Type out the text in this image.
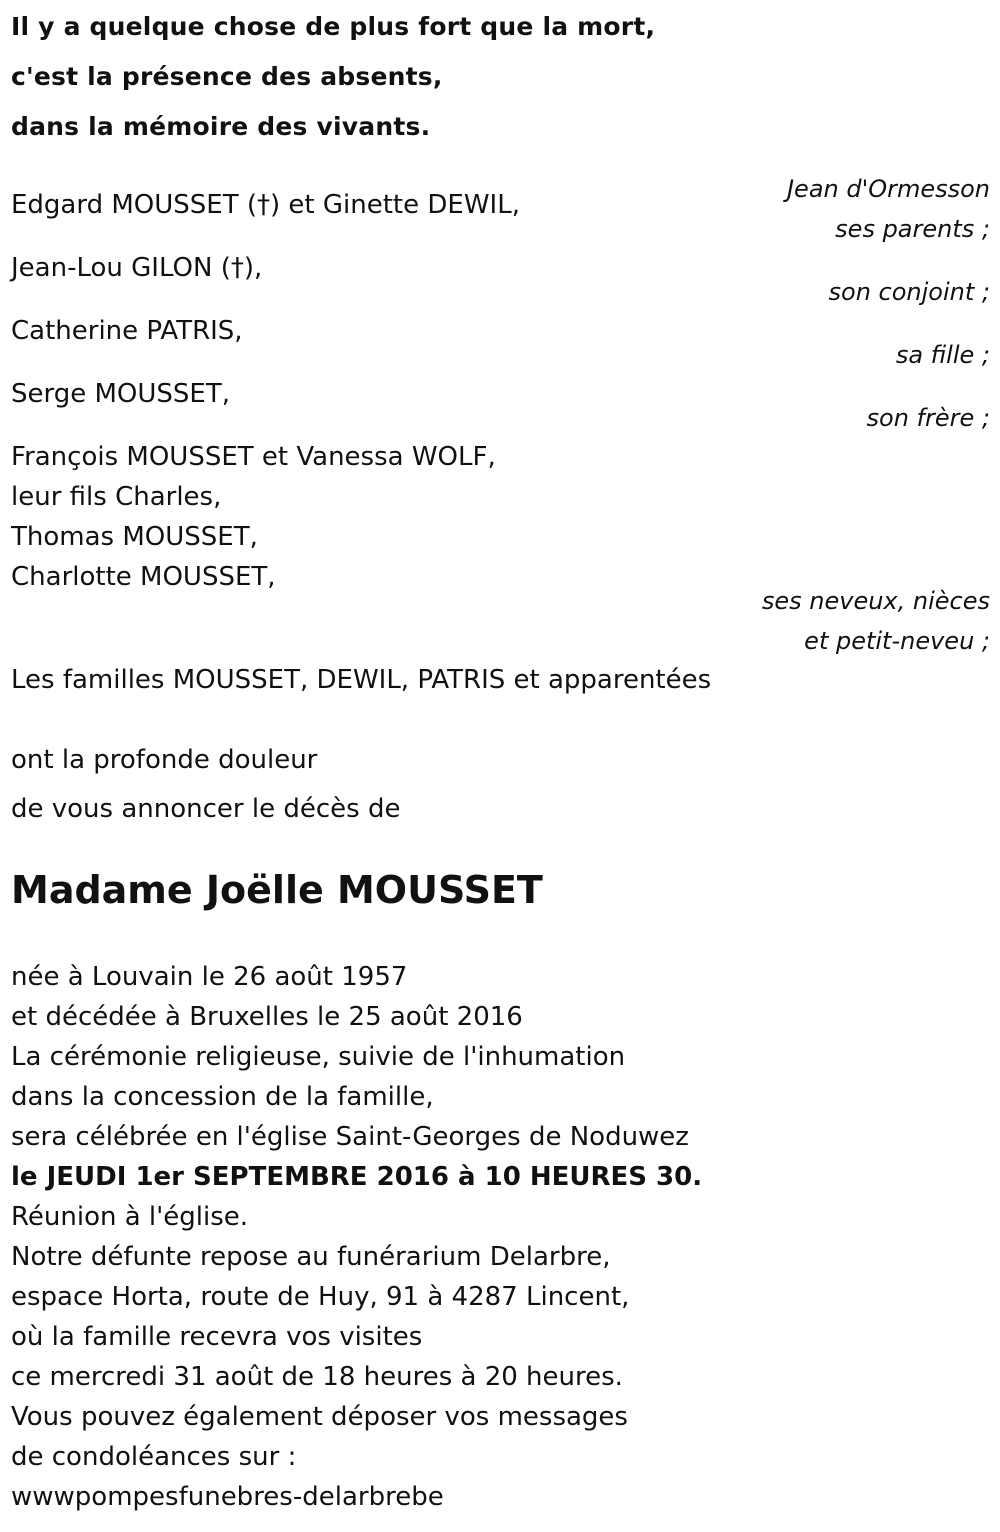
Il y a quelque chose de plus fort que la mort,
c'est la présence des absents,
dans la mémoire des vivants.
Jean d'Ormesson
Edgard MOUSSET (†) et Ginette DEWIL,
ses parents ;
Jean-Lou GILON (†),
son conjoint ;
Catherine PATRIS,
sa fille ;
Serge MOUSSET,
son frère ;
François MOUSSET et Vanessa WOLF,
leur fils Charles,
Thomas MOUSSET,
Charlotte MOUSSET,
ses neveux, nièces
et petit-neveu ;
Les familles MOUSSET, DEWIL, PATRIS et apparentées
ont la profonde douleur
de vous annoncer le décès de
Madame Joëlle MOUSSET
née à Louvain le 26 août 1957
et décédée à Bruxelles le 25 août 2016
La cérémonie religieuse, suivie de l'inhumation
dans la concession de la famille,
sera célébrée en l'église Saint-Georges de Noduwez
le JEUDI 1er SEPTEMBRE 2016 à 10 HEURES 30.
Réunion à l'église.
Notre défunte repose au funérarium Delarbre,
espace Horta, route de Huy, 91 à 4287 Lincent,
où la famille recevra vos visites
ce mercredi 31 août de 18 heures à 20 heures.
Vous pouvez également déposer vos messages
de condoléances sur :
wwwpompesfunebres-delarbrebe
